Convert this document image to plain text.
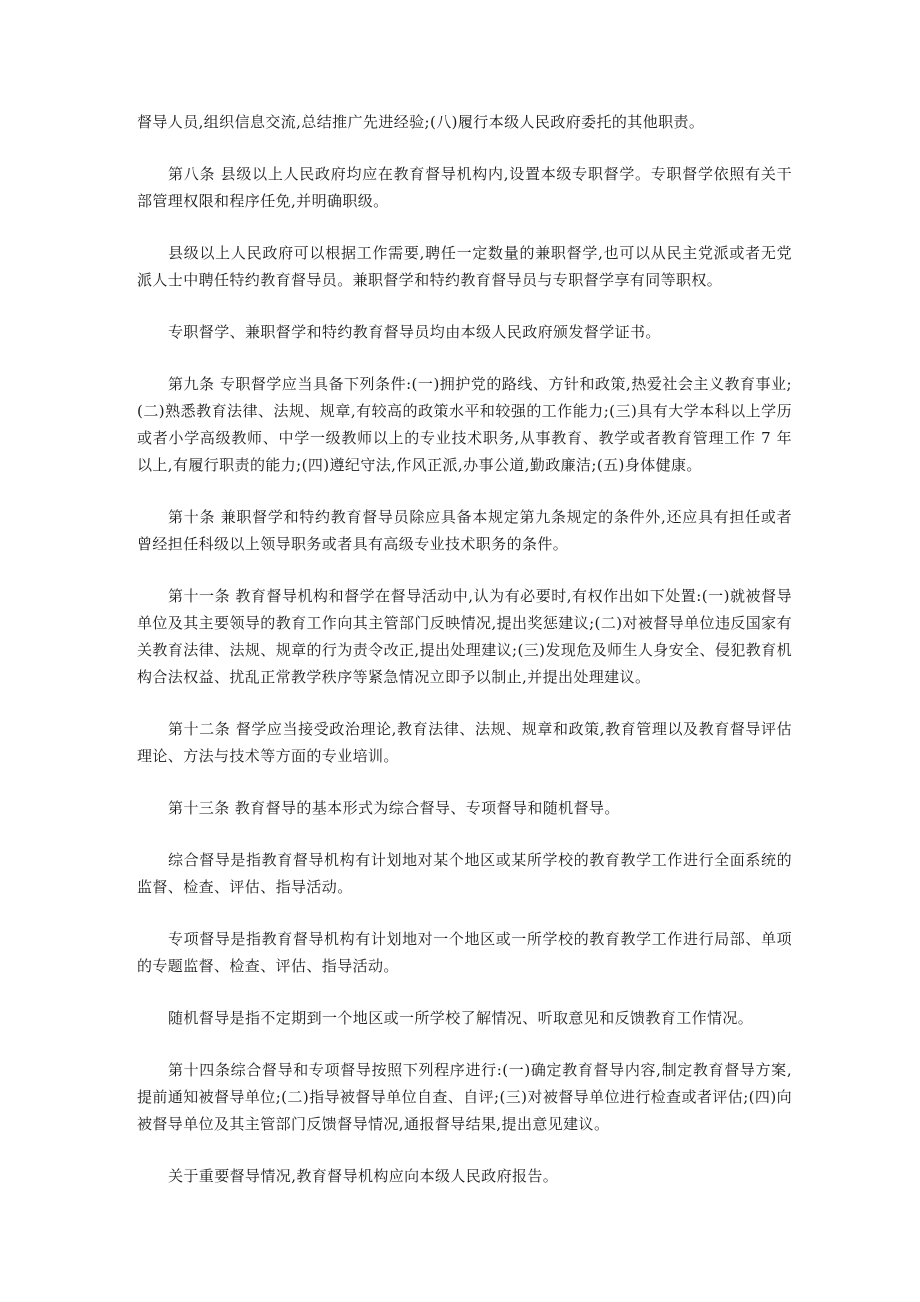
督导人员,组织信息交流,总结推广先进经验;(八)履行本级人民政府委托的其他职责。

第八条 县级以上人民政府均应在教育督导机构内,设置本级专职督学。专职督学依照有关干部管理权限和程序任免,并明确职级。

县级以上人民政府可以根据工作需要,聘任一定数量的兼职督学,也可以从民主党派或者无党派人士中聘任特约教育督导员。兼职督学和特约教育督导员与专职督学享有同等职权。

专职督学、兼职督学和特约教育督导员均由本级人民政府颁发督学证书。

第九条 专职督学应当具备下列条件:(一)拥护党的路线、方针和政策,热爱社会主义教育事业;(二)熟悉教育法律、法规、规章,有较高的政策水平和较强的工作能力;(三)具有大学本科以上学历或者小学高级教师、中学一级教师以上的专业技术职务,从事教育、教学或者教育管理工作 7 年以上,有履行职责的能力;(四)遵纪守法,作风正派,办事公道,勤政廉洁;(五)身体健康。

第十条 兼职督学和特约教育督导员除应具备本规定第九条规定的条件外,还应具有担任或者曾经担任科级以上领导职务或者具有高级专业技术职务的条件。

第十一条 教育督导机构和督学在督导活动中,认为有必要时,有权作出如下处置:(一)就被督导单位及其主要领导的教育工作向其主管部门反映情况,提出奖惩建议;(二)对被督导单位违反国家有关教育法律、法规、规章的行为责令改正,提出处理建议;(三)发现危及师生人身安全、侵犯教育机构合法权益、扰乱正常教学秩序等紧急情况立即予以制止,并提出处理建议。

第十二条 督学应当接受政治理论,教育法律、法规、规章和政策,教育管理以及教育督导评估理论、方法与技术等方面的专业培训。

第十三条 教育督导的基本形式为综合督导、专项督导和随机督导。

综合督导是指教育督导机构有计划地对某个地区或某所学校的教育教学工作进行全面系统的监督、检查、评估、指导活动。

专项督导是指教育督导机构有计划地对一个地区或一所学校的教育教学工作进行局部、单项的专题监督、检查、评估、指导活动。

随机督导是指不定期到一个地区或一所学校了解情况、听取意见和反馈教育工作情况。

第十四条综合督导和专项督导按照下列程序进行:(一)确定教育督导内容,制定教育督导方案,提前通知被督导单位;(二)指导被督导单位自查、自评;(三)对被督导单位进行检查或者评估;(四)向被督导单位及其主管部门反馈督导情况,通报督导结果,提出意见建议。

关于重要督导情况,教育督导机构应向本级人民政府报告。
